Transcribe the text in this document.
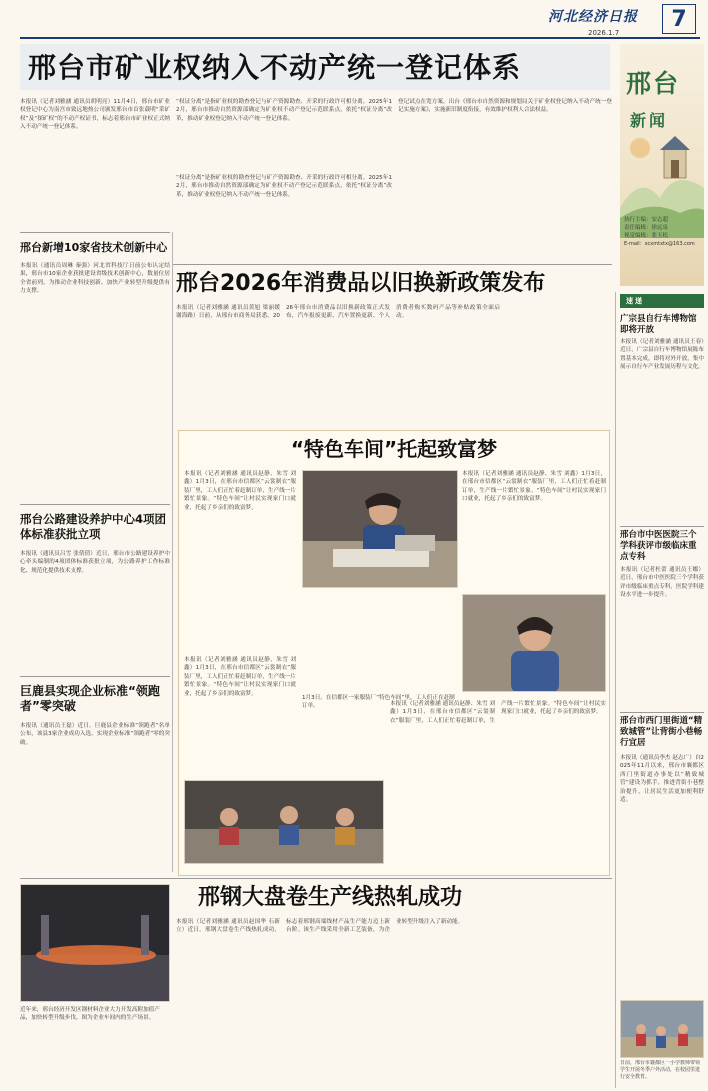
河北经济日报
2026.1.7
7
邢台
新闻
执行主编：安志超
责任编辑：徐远泉
视觉编辑：张玉松
E-mail：xcxmtxtx@163.com
邢台市矿业权纳入不动产统一登记体系
本报讯（记者刘雅涵 通讯员胡明亮）11月4日，邢台市矿业权登记中心为南宫市致远地热公司颁发邢台市首张载明“采矿权”及“探矿权”的不动产权证书，标志着邢台市矿业权正式纳入不动产统一登记体系。
“权证分离”是指矿业权的勘查登记与矿产资源勘查、开采的行政许可相分离。2025年12月，邢台市推动自然资源部确定为矿业权不动产登记示范联系点，依托“权证分离”改革，推动矿业权登记纳入不动产统一登记体系。
“权证分离”是指矿业权的勘查登记与矿产资源勘查、开采的行政许可相分离。2025年12月，邢台市推动自然资源部确定为矿业权不动产登记示范联系点，依托“权证分离”改革，推动矿业权登记纳入不动产统一登记体系。
登记试点在宽方案，出台《邢台市自然资源和规划局关于矿业权登记纳入不动产统一登记实施方案》，实施新旧制度衔接，有效维护权利人合法权益。
邢台2026年消费品以旧换新政策发布
本报讯（记者刘雅涵 通讯员黄旭 梁丽媛 谢海路）日前，从邢台市商务局获悉，2026年邢台市消费品以旧换新政策正式发布，汽车报废更新、汽车置换更新、个人消费者购买数码产品等补贴政策全面启动。
邢台新增10家省技术创新中心
本报讯（通讯员周琳 秦强）河北省科技厅日前公布认定结果，邢台市10家企业获批建设省级技术创新中心，数量位居全省前列，为推动企业科技创新、加快产业转型升级提供有力支撑。
邢台公路建设养护中心4项团体标准获批立项
本报讯（通讯员吕雪 张倩倩）近日，邢台市公路建设养护中心牵头编制的4项团体标准获批立项，为公路养护工作标准化、规范化提供技术支撑。
巨鹿县实现企业标准“领跑者”零突破
本报讯（通讯员王磊）近日，巨鹿县企业标准“领跑者”名单公布，该县3家企业成功入选，实现企业标准“领跑者”零的突破。
“特色车间”托起致富梦
本报讯（记者刘雅涵 通讯员赵静、朱雪 刘鑫）1月3日，在邢台市信都区“云裳制衣”服装厂里，工人们正忙着赶制订单，生产线一片繁忙景象。“特色车间”让村民实现家门口就业，托起了乡亲们的致富梦。
本报讯（记者刘雅涵 通讯员赵静、朱雪 刘鑫）1月3日，在邢台市信都区“云裳制衣”服装厂里，工人们正忙着赶制订单，生产线一片繁忙景象。“特色车间”让村民实现家门口就业，托起了乡亲们的致富梦。
本报讯（记者刘雅涵 通讯员赵静、朱雪 刘鑫）1月3日，在邢台市信都区“云裳制衣”服装厂里，工人们正忙着赶制订单，生产线一片繁忙景象。“特色车间”让村民实现家门口就业，托起了乡亲们的致富梦。
1月3日，在信都区一家服装厂“特色车间”里，工人们正在赶制订单。	本报讯（记者刘雅涵 通讯员赵静、朱雪 刘鑫）1月3日，在邢台市信都区“云裳制衣”服装厂里，工人们正忙着赶制订单，生产线一片繁忙景象。“特色车间”让村民实现家门口就业，托起了乡亲们的致富梦。
邢钢大盘卷生产线热轧成功
本报讯（记者刘雅涵 通讯员赵国华 石新立）近日，邢钢大盘卷生产线热轧成功，标志着邢钢高端线材产品生产能力迈上新台阶。该生产线采用全新工艺装备，为企业转型升级注入了新动能。
近年来，邢台经济开发区钢材料企业大力开发高附加值产品，加快转型升级步伐。图为企业车间内的生产场景。
速递
广宗县自行车博物馆即将开放
本报讯（记者刘雅涵 通讯员王春）近日，广宗县自行车博物馆展陈布置基本完成，即将对外开放，集中展示自行车产业发展历程与文化。
邢台市中医医院三个学科获评市级临床重点专科
本报讯（记者杜蕾 通讯员王娜）近日，邢台市中医医院三个学科获评市级临床重点专科，医院学科建设水平进一步提升。
邢台市西门里街道“精致城管”让背街小巷畅行宜居
本报讯（通讯员李杰 赵志广）自2025年11月以来，邢台市襄都区西门里街道办事处以“精致城管”建设为抓手，推进背街小巷整治提升，让居民生活更加便利舒适。
日前，邢台市襄都区一小学教师带领学生开展冬季户外活动，在校园里进行安全教育。
